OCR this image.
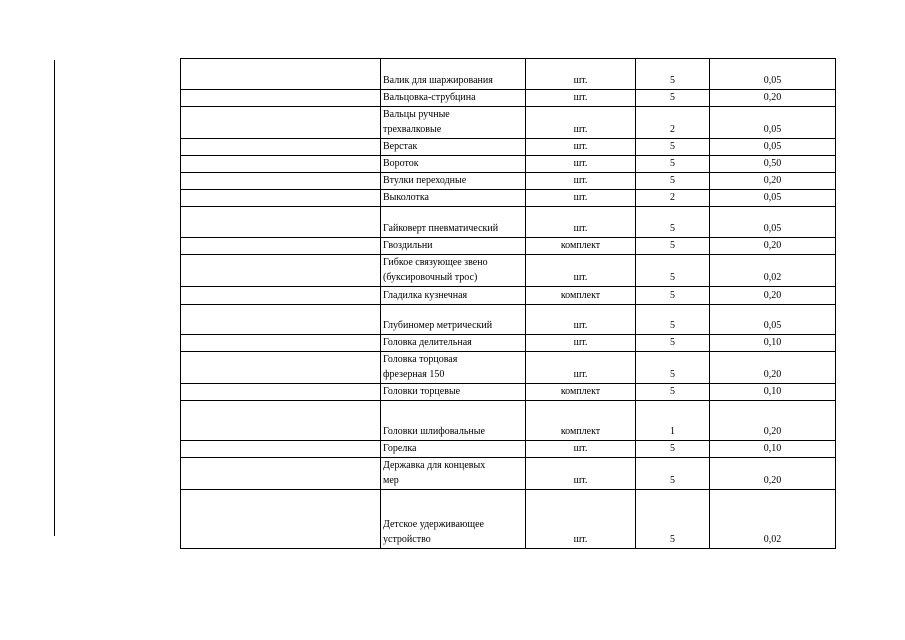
	Валик для шаржирования	шт.	5	0,05
	Вальцовка-струбцина	шт.	5	0,20
	Вальцы ручные
трехвалковые	шт.	2	0,05
	Верстак	шт.	5	0,05
	Вороток	шт.	5	0,50
	Втулки переходные	шт.	5	0,20
	Выколотка	шт.	2	0,05
	Гайковерт пневматический	шт.	5	0,05
	Гвоздильни	комплект	5	0,20
	Гибкое связующее звено
(буксировочный трос)	шт.	5	0,02
	Гладилка кузнечная	комплект	5	0,20
	Глубиномер метрический	шт.	5	0,05
	Головка делительная	шт.	5	0,10
	Головка торцовая
фрезерная 150	шт.	5	0,20
	Головки торцевые	комплект	5	0,10
	Головки шлифовальные	комплект	1	0,20
	Горелка	шт.	5	0,10
	Державка для концевых
мер	шт.	5	0,20
	Детское удерживающее
устройство	шт.	5	0,02
